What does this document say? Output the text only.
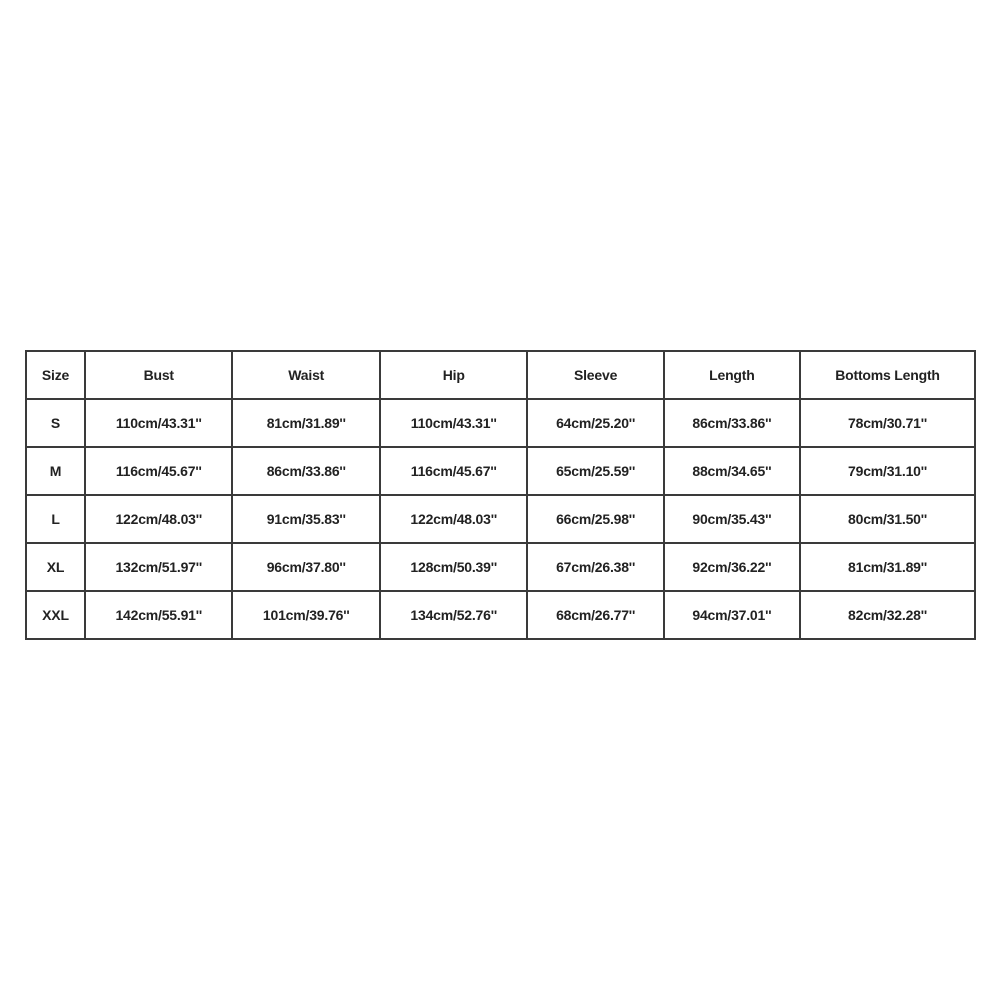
Size	Bust	Waist	Hip	Sleeve	Length	Bottoms Length
S	110cm/43.31''	81cm/31.89''	110cm/43.31''	64cm/25.20''	86cm/33.86''	78cm/30.71''
M	116cm/45.67''	86cm/33.86''	116cm/45.67''	65cm/25.59''	88cm/34.65''	79cm/31.10''
L	122cm/48.03''	91cm/35.83''	122cm/48.03''	66cm/25.98''	90cm/35.43''	80cm/31.50''
XL	132cm/51.97''	96cm/37.80''	128cm/50.39''	67cm/26.38''	92cm/36.22''	81cm/31.89''
XXL	142cm/55.91''	101cm/39.76''	134cm/52.76''	68cm/26.77''	94cm/37.01''	82cm/32.28''
